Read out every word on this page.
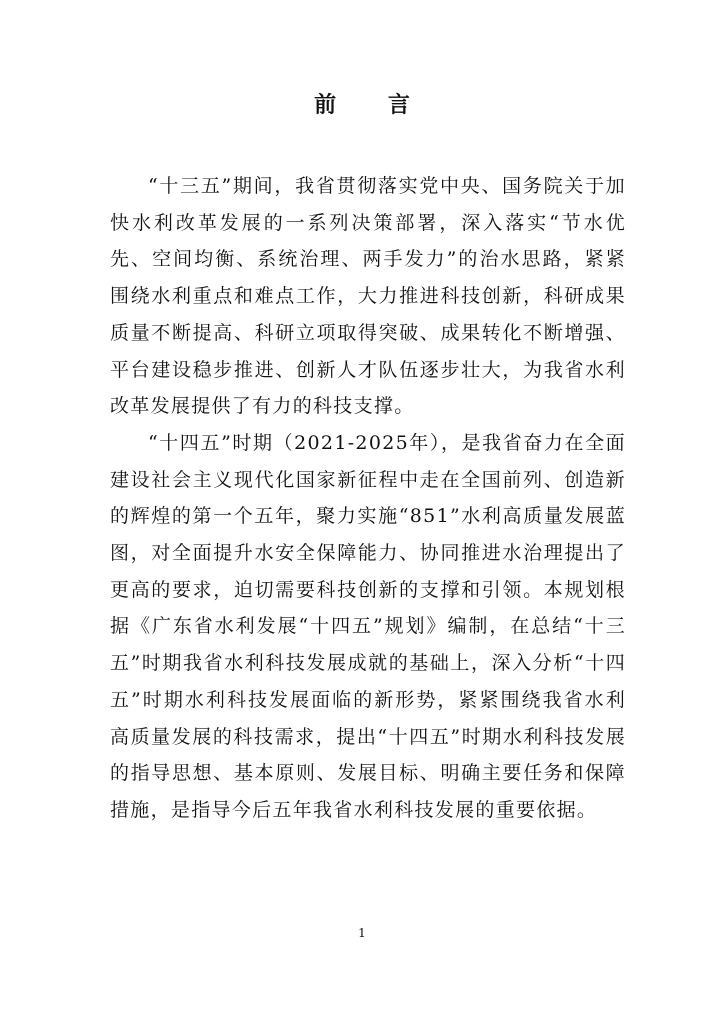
前 言

“十三五”期间，我省贯彻落实党中央、国务院关于加快水利改革发展的一系列决策部署，深入落实“节水优先、空间均衡、系统治理、两手发力”的治水思路，紧紧围绕水利重点和难点工作，大力推进科技创新，科研成果质量不断提高、科研立项取得突破、成果转化不断增强、平台建设稳步推进、创新人才队伍逐步壮大，为我省水利改革发展提供了有力的科技支撑。

“十四五”时期（2021-2025年），是我省奋力在全面建设社会主义现代化国家新征程中走在全国前列、创造新的辉煌的第一个五年，聚力实施“851”水利高质量发展蓝图，对全面提升水安全保障能力、协同推进水治理提出了更高的要求，迫切需要科技创新的支撑和引领。本规划根据《广东省水利发展“十四五”规划》编制，在总结“十三五”时期我省水利科技发展成就的基础上，深入分析“十四五”时期水利科技发展面临的新形势，紧紧围绕我省水利高质量发展的科技需求，提出“十四五”时期水利科技发展的指导思想、基本原则、发展目标、明确主要任务和保障措施，是指导今后五年我省水利科技发展的重要依据。

1
